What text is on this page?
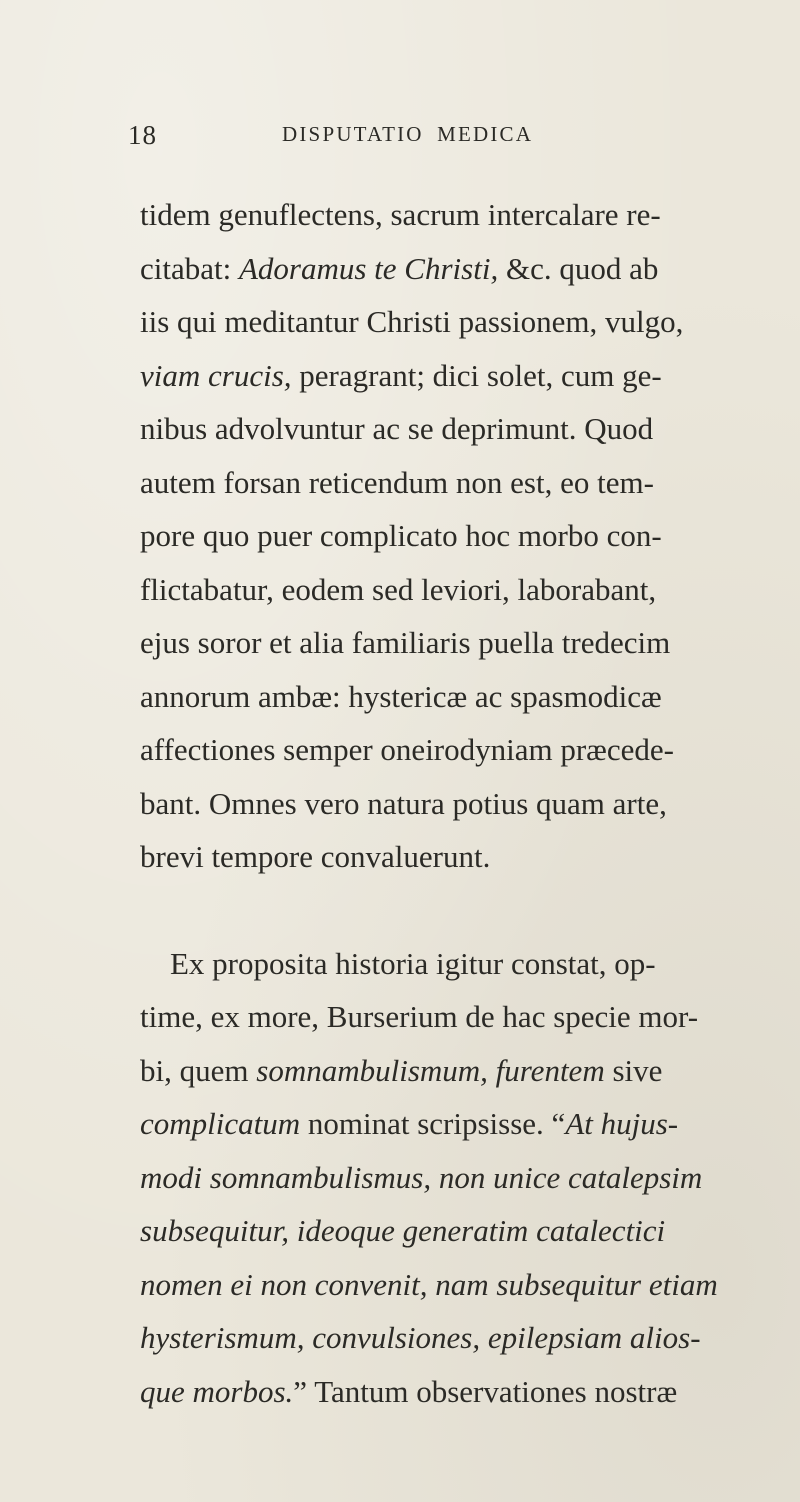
18	DISPUTATIO MEDICA
tidem genuflectens, sacrum intercalare re-
citabat: Adoramus te Christi, &c. quod ab
iis qui meditantur Christi passionem, vulgo,
viam crucis, peragrant; dici solet, cum ge-
nibus advolvuntur ac se deprimunt. Quod
autem forsan reticendum non est, eo tem-
pore quo puer complicato hoc morbo con-
flictabatur, eodem sed leviori, laborabant,
ejus soror et alia familiaris puella tredecim
annorum ambæ: hystericæ ac spasmodicæ
affectiones semper oneirodyniam præcede-
bant. Omnes vero natura potius quam arte,
brevi tempore convaluerunt.
Ex proposita historia igitur constat, op-
time, ex more, Burserium de hac specie mor-
bi, quem somnambulismum, furentem sive
complicatum nominat scripsisse. “At hujus-
modi somnambulismus, non unice catalepsim
subsequitur, ideoque generatim catalectici
nomen ei non convenit, nam subsequitur etiam
hysterismum, convulsiones, epilepsiam alios-
que morbos.” Tantum observationes nostræ
